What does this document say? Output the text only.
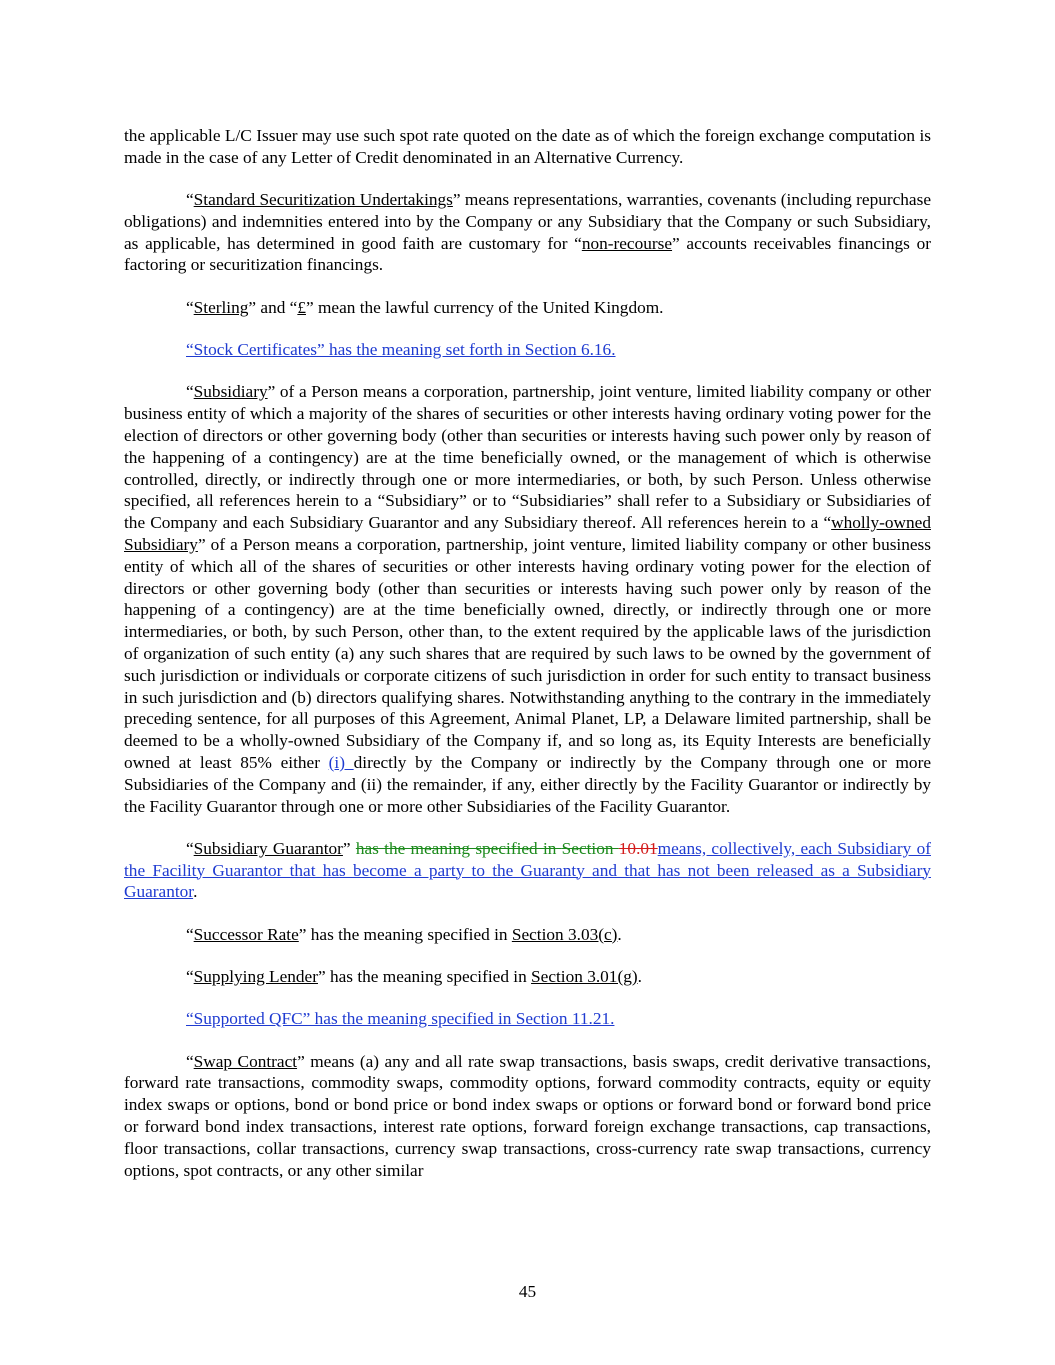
the applicable L/C Issuer may use such spot rate quoted on the date as of which the foreign exchange computation is made in the case of any Letter of Credit denominated in an Alternative Currency.

“Standard Securitization Undertakings” means representations, warranties, covenants (including repurchase obligations) and indemnities entered into by the Company or any Subsidiary that the Company or such Subsidiary, as applicable, has determined in good faith are customary for “non-recourse” accounts receivables financings or factoring or securitization financings.

“Sterling” and “£” mean the lawful currency of the United Kingdom.

“Stock Certificates” has the meaning set forth in Section 6.16.

“Subsidiary” of a Person means a corporation, partnership, joint venture, limited liability company or other business entity of which a majority of the shares of securities or other interests having ordinary voting power for the election of directors or other governing body (other than securities or interests having such power only by reason of the happening of a contingency) are at the time beneficially owned, or the management of which is otherwise controlled, directly, or indirectly through one or more intermediaries, or both, by such Person. Unless otherwise specified, all references herein to a “Subsidiary” or to “Subsidiaries” shall refer to a Subsidiary or Subsidiaries of the Company and each Subsidiary Guarantor and any Subsidiary thereof. All references herein to a “wholly-owned Subsidiary” of a Person means a corporation, partnership, joint venture, limited liability company or other business entity of which all of the shares of securities or other interests having ordinary voting power for the election of directors or other governing body (other than securities or interests having such power only by reason of the happening of a contingency) are at the time beneficially owned, directly, or indirectly through one or more intermediaries, or both, by such Person, other than, to the extent required by the applicable laws of the jurisdiction of organization of such entity (a) any such shares that are required by such laws to be owned by the government of such jurisdiction or individuals or corporate citizens of such jurisdiction in order for such entity to transact business in such jurisdiction and (b) directors qualifying shares. Notwithstanding anything to the contrary in the immediately preceding sentence, for all purposes of this Agreement, Animal Planet, LP, a Delaware limited partnership, shall be deemed to be a wholly-owned Subsidiary of the Company if, and so long as, its Equity Interests are beneficially owned at least 85% either (i) directly by the Company or indirectly by the Company through one or more Subsidiaries of the Company and (ii) the remainder, if any, either directly by the Facility Guarantor or indirectly by the Facility Guarantor through one or more other Subsidiaries of the Facility Guarantor.

“Subsidiary Guarantor” has the meaning specified in Section 10.01means, collectively, each Subsidiary of the Facility Guarantor that has become a party to the Guaranty and that has not been released as a Subsidiary Guarantor.

“Successor Rate” has the meaning specified in Section 3.03(c).

“Supplying Lender” has the meaning specified in Section 3.01(g).

“Supported QFC” has the meaning specified in Section 11.21.

“Swap Contract” means (a) any and all rate swap transactions, basis swaps, credit derivative transactions, forward rate transactions, commodity swaps, commodity options, forward commodity contracts, equity or equity index swaps or options, bond or bond price or bond index swaps or options or forward bond or forward bond price or forward bond index transactions, interest rate options, forward foreign exchange transactions, cap transactions, floor transactions, collar transactions, currency swap transactions, cross-currency rate swap transactions, currency options, spot contracts, or any other similar

45
